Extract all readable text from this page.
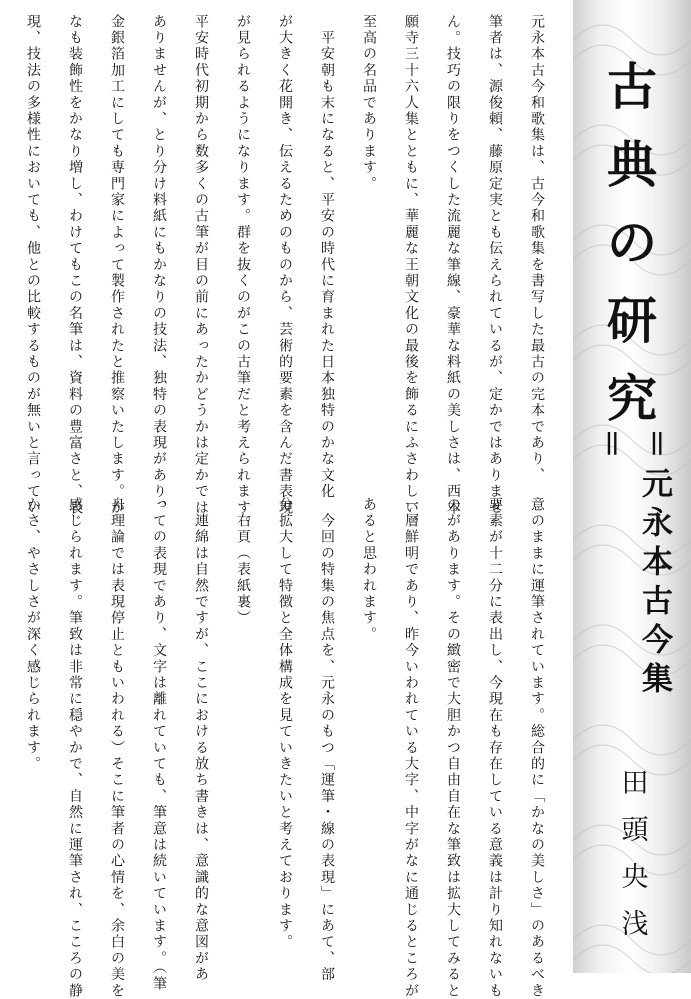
古
典
の
研
究
＝元永本古今集＝
田頭央浅

元永本古今和歌集は、古今和歌集を書写した最古の完本であり、

筆者は、源俊頼、藤原定実とも伝えられているが、定かではありませ

ん。技巧の限りをつくした流麗な筆線、豪華な料紙の美しさは、西本

願寺三十六人集とともに、華麗な王朝文化の最後を飾るにふさわしい、

至高の名品であります。

　平安朝も末になると、平安の時代に育まれた日本独特のかな文化

が大きく花開き、伝えるためのものから、芸術的要素を含んだ書表現

が見られるようになります。群を抜くのがこの古筆だと考えられます。

平安時代初期から数多くの古筆が目の前にあったかどうかは定かでは

ありませんが、とり分け料紙にもかなりの技法、独特の表現があり、

金銀箔加工にしても専門家によって製作されたと推察いたします。か

なも装飾性をかなり増し、わけてもこの名筆は、資料の豊富さと、表

現、技法の多様性においても、他との比較するものが無いと言ってい

意のままに運筆されています。総合的に「かなの美しさ」のあるべき

要素が十二分に表出し、今現在も存在している意義は計り知れないも

のがあります。その緻密で大胆かつ自由自在な筆致は拡大してみると

一層鮮明であり、昨今いわれている大字、中字がなに通じるところが

あると思われます。

　今回の特集の焦点を、元永のもつ「運筆・線の表現」にあて、部

分拡大して特徴と全体構成を見ていきたいと考えております。

　右頁（表紙裏）

　連綿は自然ですが、ここにおける放ち書きは、意識的な意図があ

っての表現であり、文字は離れていても、筆意は続いています。（筆

舟理論では表現停止ともいわれる）そこに筆者の心情を、余白の美を

感じられます。筆致は非常に穏やかで、自然に運筆され、こころの静

かさ、やさしさが深く感じられます。
